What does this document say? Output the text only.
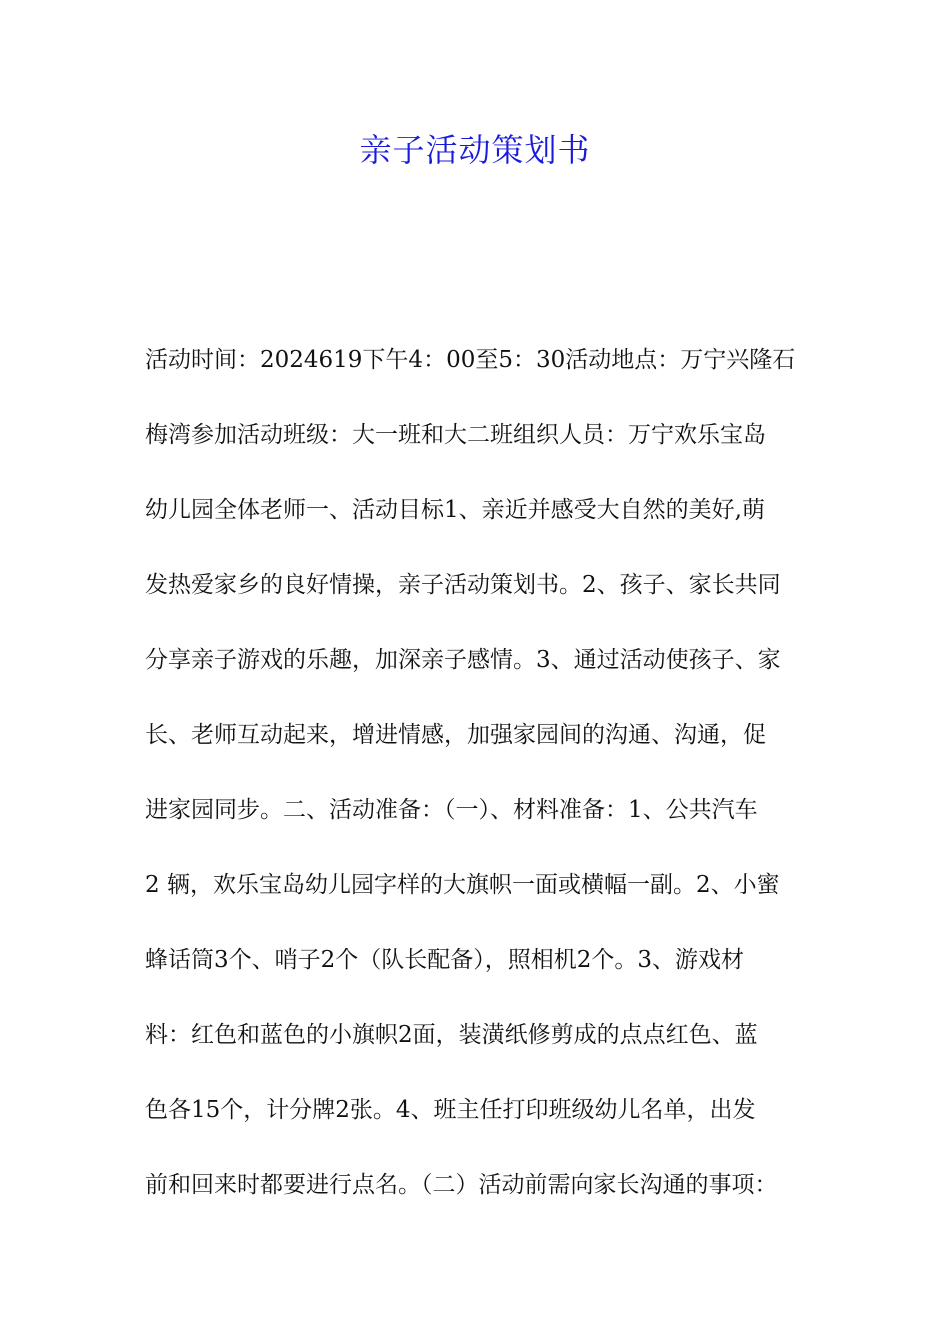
亲子活动策划书
活动时间：2024619下午4：00至5：30活动地点：万宁兴隆石
梅湾参加活动班级：大一班和大二班组织人员：万宁欢乐宝岛
幼儿园全体老师一、活动目标1、亲近并感受大自然的美好,萌
发热爱家乡的良好情操，亲子活动策划书。2、孩子、家长共同
分享亲子游戏的乐趣，加深亲子感情。3、通过活动使孩子、家
长、老师互动起来，增进情感，加强家园间的沟通、沟通，促
进家园同步。二、活动准备：（一）、材料准备：1、公共汽车
2 辆，欢乐宝岛幼儿园字样的大旗帜一面或横幅一副。2、小蜜
蜂话筒3个、哨子2个（队长配备），照相机2个。3、游戏材
料：红色和蓝色的小旗帜2面，装潢纸修剪成的点点红色、蓝
色各15个，计分牌2张。4、班主任打印班级幼儿名单，出发
前和回来时都要进行点名。（二）活动前需向家长沟通的事项：
